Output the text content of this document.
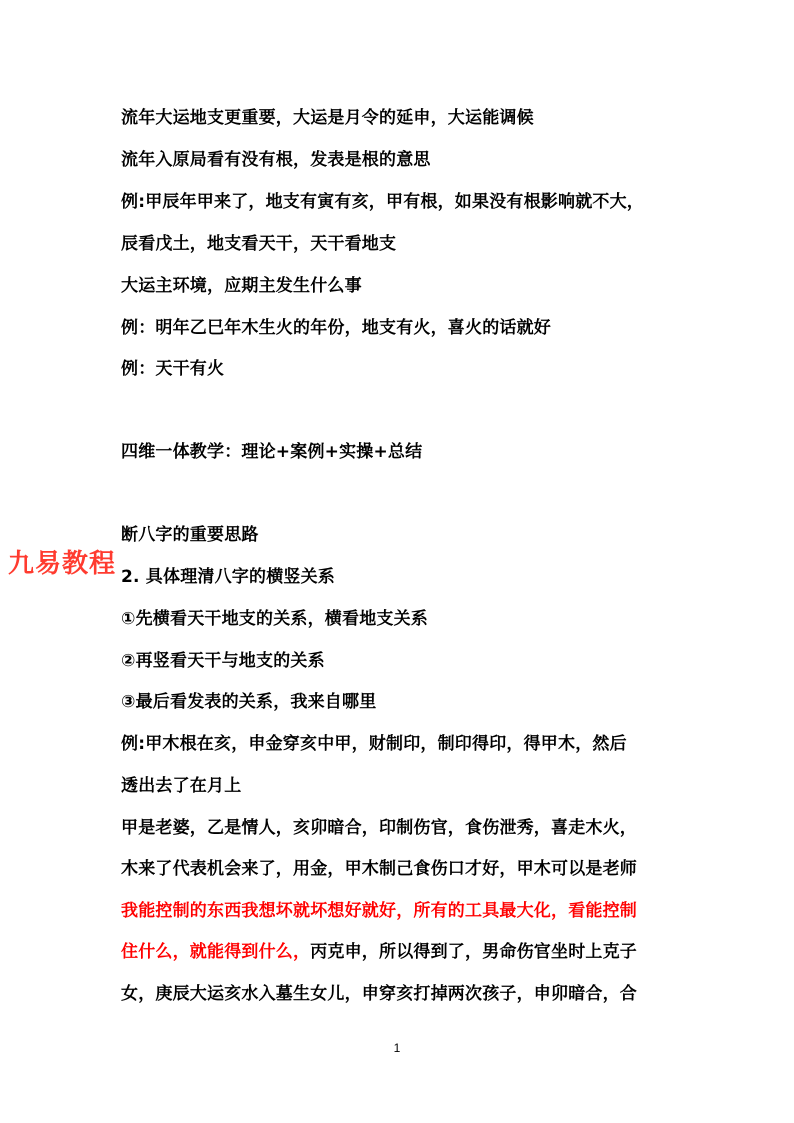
流年大运地支更重要，大运是月令的延申，大运能调候
流年入原局看有没有根，发表是根的意思
例:甲辰年甲来了，地支有寅有亥，甲有根，如果没有根影响就不大，
辰看戊土，地支看天干，天干看地支
大运主环境，应期主发生什么事
例：明年乙巳年木生火的年份，地支有火，喜火的话就好
例：天干有火
四维一体教学：理论+案例+实操+总结
断八字的重要思路
2. 具体理清八字的横竖关系
①先横看天干地支的关系，横看地支关系
②再竖看天干与地支的关系
③最后看发表的关系，我来自哪里
例:甲木根在亥，申金穿亥中甲，财制印，制印得印，得甲木，然后
透出去了在月上
甲是老婆，乙是情人，亥卯暗合，印制伤官，食伤泄秀，喜走木火，
木来了代表机会来了，用金，甲木制己食伤口才好，甲木可以是老师
我能控制的东西我想坏就坏想好就好，所有的工具最大化，看能控制
住什么，就能得到什么，丙克申，所以得到了，男命伤官坐时上克子
女，庚辰大运亥水入墓生女儿，申穿亥打掉两次孩子，申卯暗合，合
九易教程
1
